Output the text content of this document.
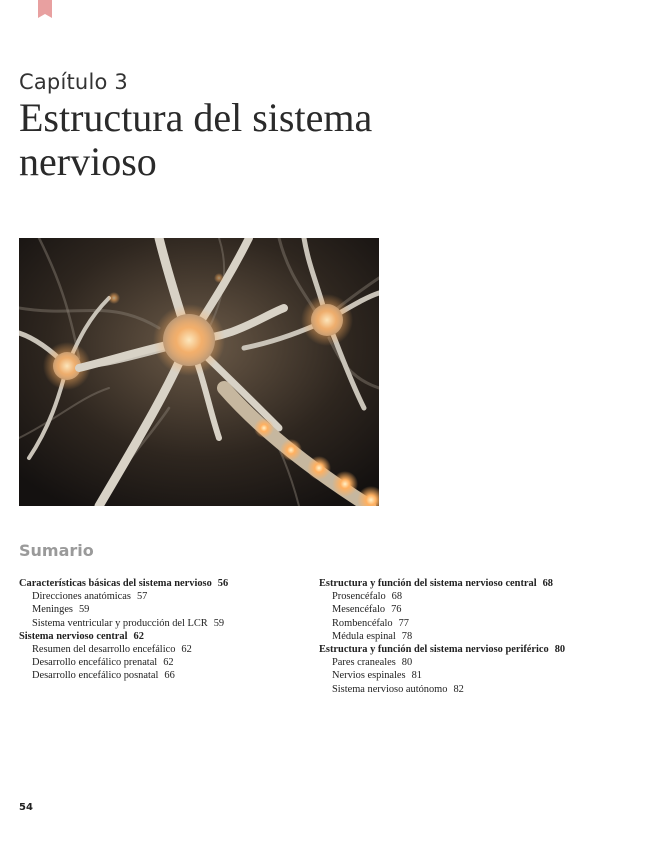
Capítulo 3
Estructura del sistema nervioso
Sumario
Características básicas del sistema nervioso 56
Direcciones anatómicas 57
Meninges 59
Sistema ventricular y producción del LCR 59
Sistema nervioso central 62
Resumen del desarrollo encefálico 62
Desarrollo encefálico prenatal 62
Desarrollo encefálico posnatal 66
Estructura y función del sistema nervioso central 68
Prosencéfalo 68
Mesencéfalo 76
Rombencéfalo 77
Médula espinal 78
Estructura y función del sistema nervioso periférico 80
Pares craneales 80
Nervios espinales 81
Sistema nervioso autónomo 82
54
